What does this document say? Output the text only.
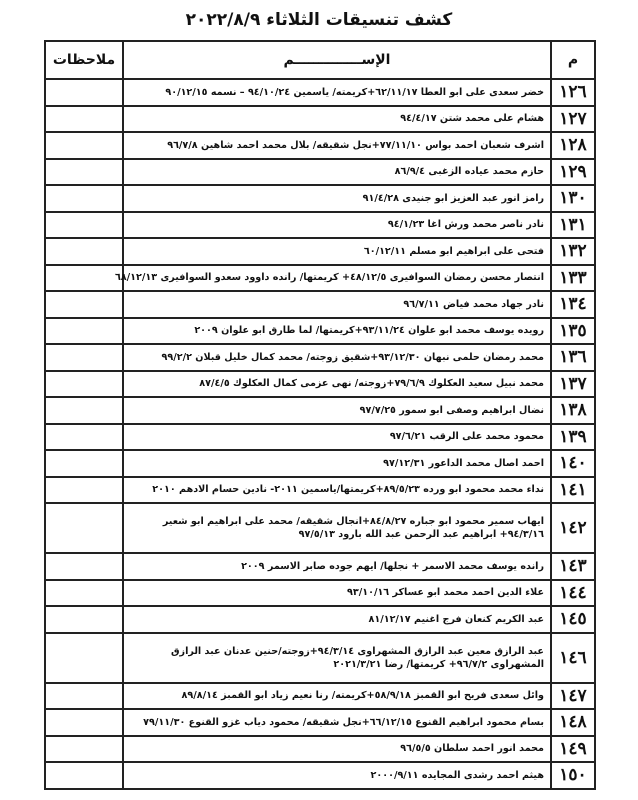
كشف تنسيقات الثلاثاء ٢٠٢٢/٨/٩
م	الإســــــــــــــم	ملاحظات
١٢٦	خضر سعدى على ابو العطا ٦٢/١١/١٧+كريمته/ ياسمين ٩٤/١٠/٢٤ – نسمه ٩٠/١٢/١٥	
١٢٧	هشام على محمد شتن ٩٤/٤/١٧	
١٢٨	اشرف شعبان احمد بواس ٧٧/١١/١٠+نجل شقيقه/ بلال محمد احمد شاهين ٩٦/٧/٨	
١٢٩	حازم محمد عياده الزغبى ٨٦/٩/٤	
١٣٠	رامز انور عبد العزيز ابو جنيدى ٩١/٤/٢٨	
١٣١	نادر ناصر محمد ورش اغا ٩٤/١/٢٣	
١٣٢	فتحى على ابراهيم ابو مسلم ٦٠/١٢/١١	
١٣٣	انتصار محسن رمضان السوافيرى ٤٨/١٢/٥+ كريمتها/ رانده داوود سعدو السوافيرى ٦٨/١٢/١٣	
١٣٤	نادر جهاد محمد فياض ٩٦/٧/١١	
١٣٥	رويده يوسف محمد ابو علوان ٩٣/١١/٢٤+كريمتها/ لما طارق ابو علوان ٢٠٠٩	
١٣٦	محمد رمضان حلمى نبهان ٩٣/١٢/٣٠+شقيق زوجته/ محمد كمال خليل قبلان ٩٩/٢/٢	
١٣٧	محمد نبيل سعيد العكلوك ٧٩/٦/٩+زوجته/ نهى عزمى كمال العكلوك ٨٧/٤/٥	
١٣٨	نضال ابراهيم وصفى ابو سمور ٩٧/٧/٢٥	
١٣٩	محمود محمد على الرقب ٩٧/٦/٢١	
١٤٠	احمد اصال محمد الداعور ٩٧/١٢/٣١	
١٤١	نداء محمد محمود ابو ورده ٨٩/٥/٢٣+كريمتها/ياسمين ٢٠١١- نادين حسام الادهم ٢٠١٠	
١٤٢	ايهاب سمير محمود ابو جباره ٨٤/٨/٢٧+انجال شقيقه/ محمد على ابراهيم ابو شعير ٩٤/٣/١٦+ ابراهيم عبد الرحمن عبد الله بارود ٩٧/٥/١٣	
١٤٣	رانده يوسف محمد الاسمر + نجلها/ ايهم جوده صابر الاسمر ٢٠٠٩	
١٤٤	علاء الدين احمد محمد ابو عساكر ٩٣/١٠/١٦	
١٤٥	عبد الكريم كنعان فرج اغنيم ٨١/١٢/١٧	
١٤٦	عبد الرازق معين عبد الرازق المشهراوى ٩٤/٣/١٤+زوجته/حنين عدنان عبد الرازق المشهراوى ٩٦/٧/٢+ كريمتها/ رضا ٢٠٢١/٣/٢١	
١٤٧	وائل سعدى فريح ابو القمبز ٥٨/٩/١٨+كريمته/ رنا نعيم زياد ابو القمبز ٨٩/٨/١٤	
١٤٨	بسام محمود ابراهيم القنوع ٦٦/١٢/١٥+نجل شقيقه/ محمود دياب غزو القنوع ٧٩/١١/٣٠	
١٤٩	محمد انور احمد سلطان ٩٦/٥/٥	
١٥٠	هيثم احمد رشدى المجايده ٢٠٠٠/٩/١١	
